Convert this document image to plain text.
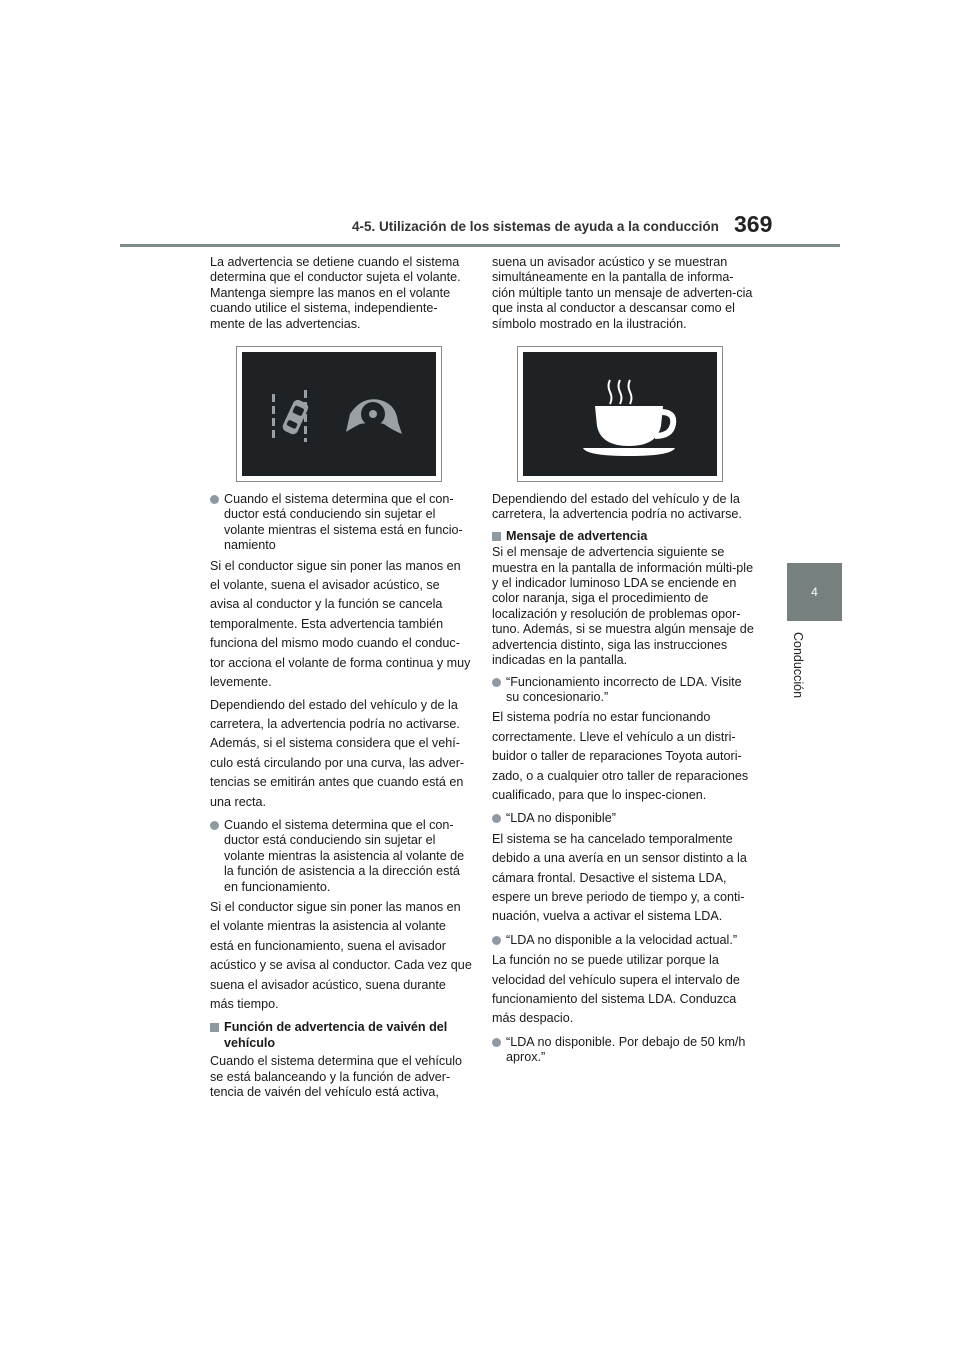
4-5. Utilización de los sistemas de ayuda a la conducción 369
4
Conducción

La advertencia se detiene cuando el sistema determina que el conductor sujeta el volante. Mantenga siempre las manos en el volante cuando utilice el sistema, independiente-mente de las advertencias.

Cuando el sistema determina que el con-ductor está conduciendo sin sujetar el volante mientras el sistema está en funcio-namiento

Si el conductor sigue sin poner las manos en el volante, suena el avisador acústico, se avisa al conductor y la función se cancela temporalmente. Esta advertencia también funciona del mismo modo cuando el conduc-tor acciona el volante de forma continua y muy levemente.

Dependiendo del estado del vehículo y de la carretera, la advertencia podría no activarse. Además, si el sistema considera que el vehí-culo está circulando por una curva, las adver-tencias se emitirán antes que cuando está en una recta.

Cuando el sistema determina que el con-ductor está conduciendo sin sujetar el volante mientras la asistencia al volante de la función de asistencia a la dirección está en funcionamiento.

Si el conductor sigue sin poner las manos en el volante mientras la asistencia al volante está en funcionamiento, suena el avisador acústico y se avisa al conductor. Cada vez que suena el avisador acústico, suena durante más tiempo.

Función de advertencia de vaivén del vehículo

Cuando el sistema determina que el vehículo se está balanceando y la función de adver-tencia de vaivén del vehículo está activa,

suena un avisador acústico y se muestran simultáneamente en la pantalla de informa-ción múltiple tanto un mensaje de adverten-cia que insta al conductor a descansar como el símbolo mostrado en la ilustración.

Dependiendo del estado del vehículo y de la carretera, la advertencia podría no activarse.

Mensaje de advertencia

Si el mensaje de advertencia siguiente se muestra en la pantalla de información múlti-ple y el indicador luminoso LDA se enciende en color naranja, siga el procedimiento de localización y resolución de problemas opor-tuno. Además, si se muestra algún mensaje de advertencia distinto, siga las instrucciones indicadas en la pantalla.

“Funcionamiento incorrecto de LDA. Visite su concesionario.”

El sistema podría no estar funcionando correctamente. Lleve el vehículo a un distri-buidor o taller de reparaciones Toyota autori-zado, o a cualquier otro taller de reparaciones cualificado, para que lo inspec-cionen.

“LDA no disponible”

El sistema se ha cancelado temporalmente debido a una avería en un sensor distinto a la cámara frontal. Desactive el sistema LDA, espere un breve periodo de tiempo y, a conti-nuación, vuelva a activar el sistema LDA.

“LDA no disponible a la velocidad actual.”

La función no se puede utilizar porque la velocidad del vehículo supera el intervalo de funcionamiento del sistema LDA. Conduzca más despacio.

“LDA no disponible. Por debajo de 50 km/h aprox.”
